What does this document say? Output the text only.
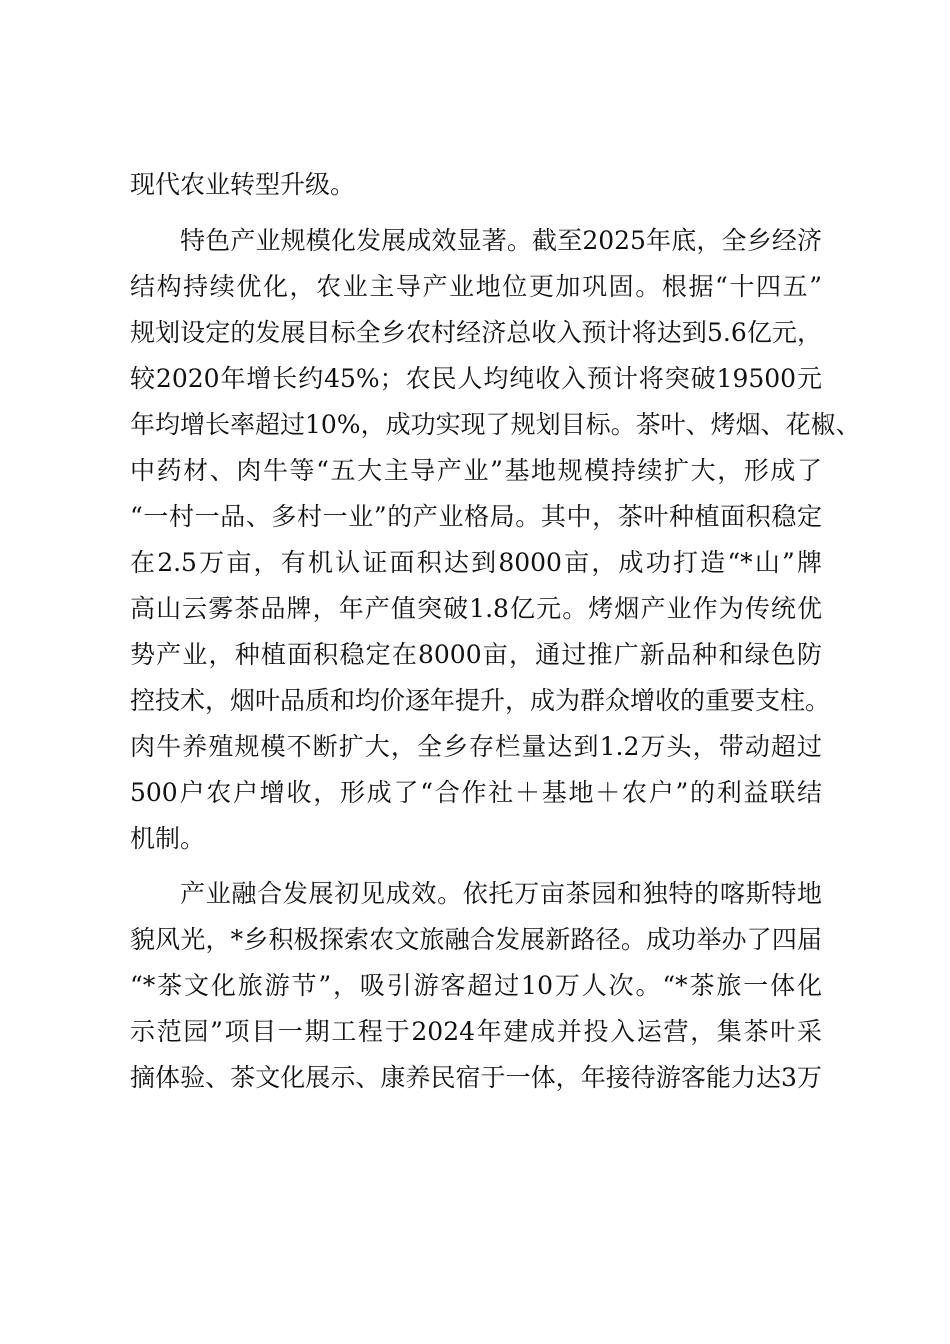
现代农业转型升级。
特色产业规模化发展成效显著。截至2025年底，全乡经济
结构持续优化，农业主导产业地位更加巩固。根据“十四五”
规划设定的发展目标全乡农村经济总收入预计将达到5.6亿元，
较2020年增长约45%；农民人均纯收入预计将突破19500元
年均增长率超过10%，成功实现了规划目标。茶叶、烤烟、花椒、
中药材、肉牛等“五大主导产业”基地规模持续扩大，形成了
“一村一品、多村一业”的产业格局。其中，茶叶种植面积稳定
在2.5万亩，有机认证面积达到8000亩，成功打造“*山”牌
高山云雾茶品牌，年产值突破1.8亿元。烤烟产业作为传统优
势产业，种植面积稳定在8000亩，通过推广新品种和绿色防
控技术，烟叶品质和均价逐年提升，成为群众增收的重要支柱。
肉牛养殖规模不断扩大，全乡存栏量达到1.2万头，带动超过
500户农户增收，形成了“合作社＋基地＋农户”的利益联结
机制。
产业融合发展初见成效。依托万亩茶园和独特的喀斯特地
貌风光，*乡积极探索农文旅融合发展新路径。成功举办了四届
“*茶文化旅游节”，吸引游客超过10万人次。“*茶旅一体化
示范园”项目一期工程于2024年建成并投入运营，集茶叶采
摘体验、茶文化展示、康养民宿于一体，年接待游客能力达3万
